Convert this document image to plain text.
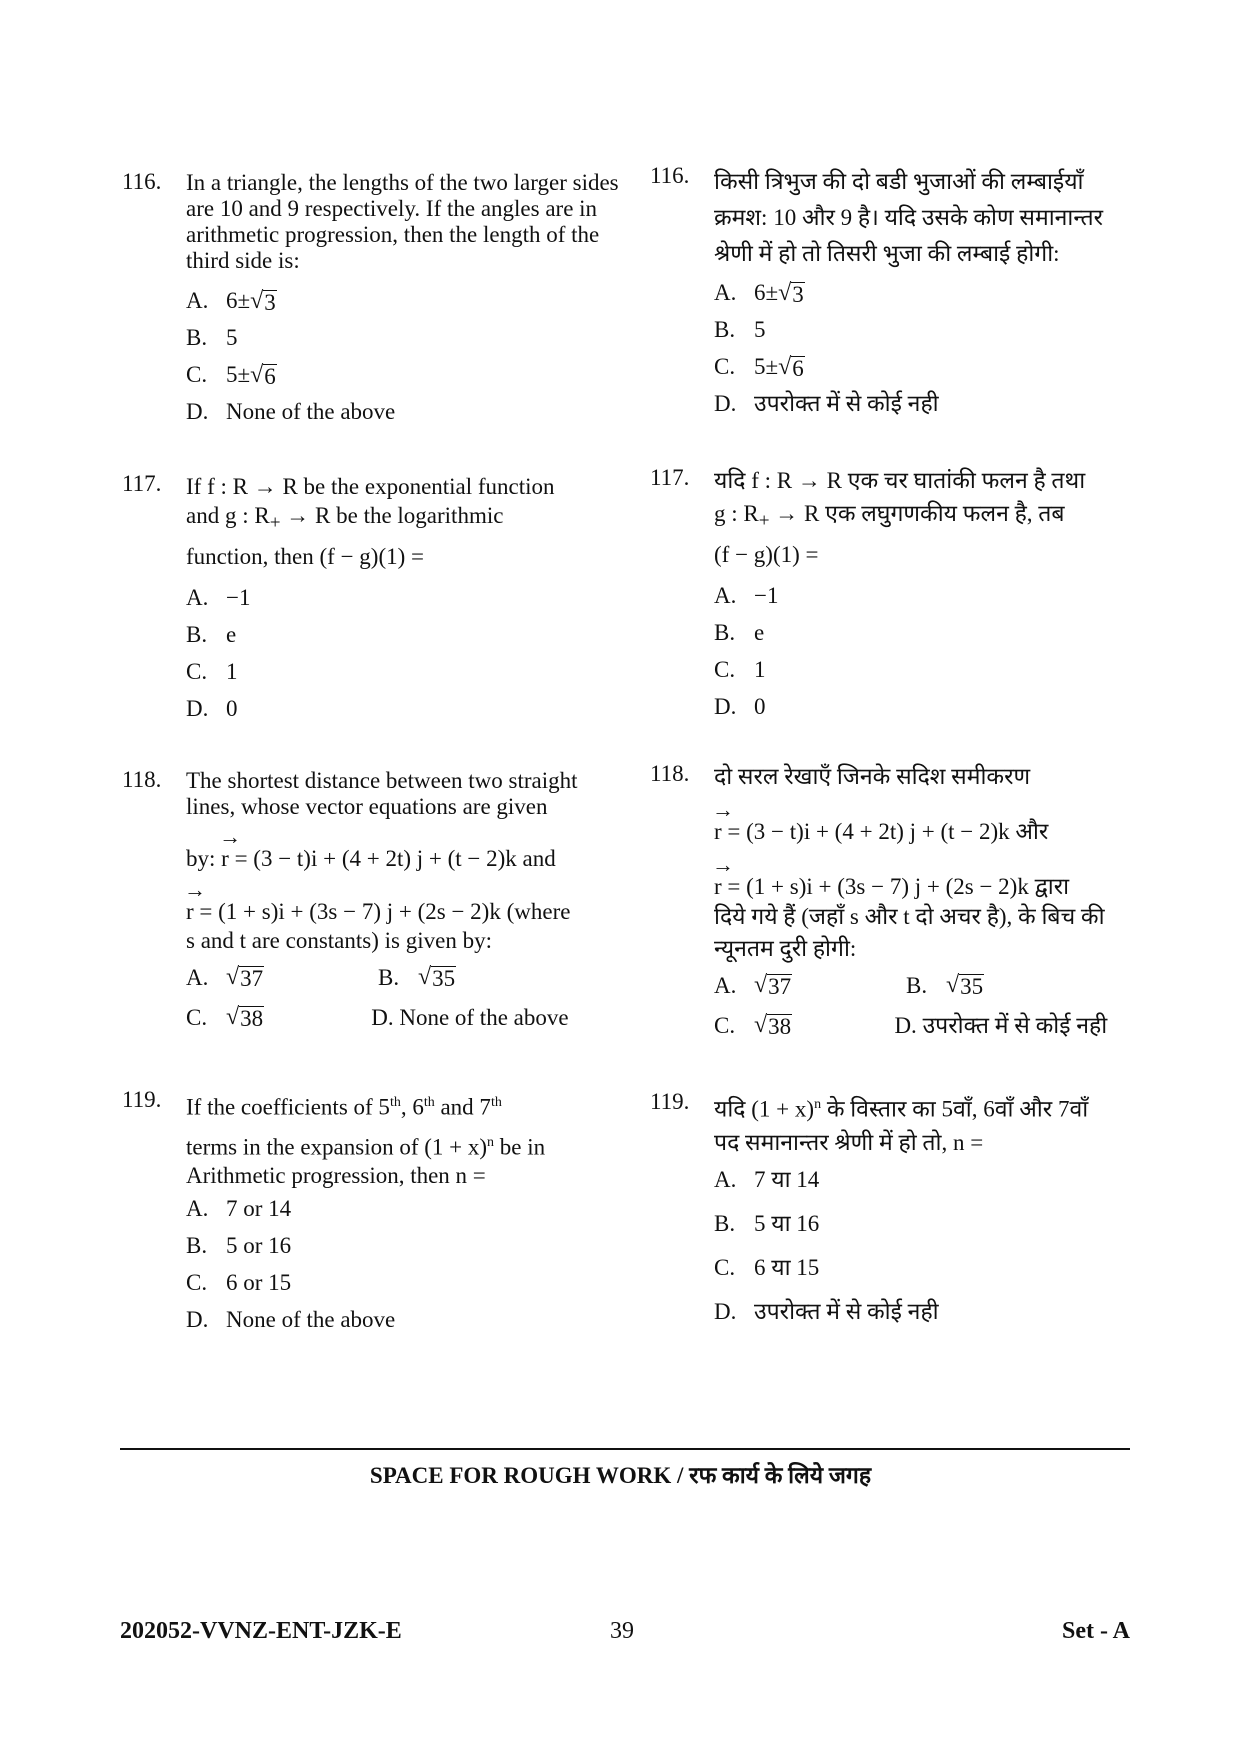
116. In a triangle, the lengths of the two larger sides are 10 and 9 respectively. If the angles are in arithmetic progression, then the length of the third side is:
A. 6± √ 3
B. 5
C. 5± √ 6
D. None of the above
117. If f : R → R be the exponential function
and g : $R_+ \to R$ be the logarithmic
function, then (f − g)(1) =
A. −1
B. e
C. 1
D. 0
118. The shortest distance between two straight lines, whose vector equations are given
by: → r = (3 − t)i + (4 + 2t) j + (t − 2)k and
→ r = (1 + s)i + (3s − 7) j + (2s − 2)k (where
s and t are constants) is given by:
A. √ 37	B. √ 35
C. √ 38	D.
None of the above
119. If the coefficients of 5th, 6th and 7th
terms in the expansion of $(1 + x)^n$ be in
Arithmetic progression, then n =
A. 7 or 14
B. 5 or 16
C. 6 or 15
D. None of the above
116. किसी त्रिभुज की दो बडी भुजाओं की लम्बाईयाँ क्रमश: 10 और 9 है। यदि उसके कोण समानान्तर श्रेणी में हो तो तिसरी भुजा की लम्बाई होगी:
A. 6± √ 3
B. 5
C. 5± √ 6
D. उपरोक्त में से कोई नही
117. यदि f : R → R एक चर घातांकी फलन है तथा
g : $R_+ \to R$ एक लघुगणकीय फलन है, तब
(f − g)(1) =
A. −1
B. e
C. 1
D. 0
118. दो सरल रेखाएँ जिनके सदिश समीकरण
→ r = (3 − t)i + (4 + 2t) j + (t − 2)k और
→ r = (1 + s)i + (3s − 7) j + (2s − 2)k द्वारा
दिये गये हैं (जहाँ s और t दो अचर है), के बिच की न्यूनतम दुरी होगी:
A. √ 37	B. √ 35
C. √ 38	D.
उपरोक्त में से कोई नही
119. यदि $(1 + x)^n$ के विस्तार का 5वाँ, 6वाँ और 7वाँ
पद समानान्तर श्रेणी में हो तो, n =
A. 7 या 14
B. 5 या 16
C. 6 या 15
D. उपरोक्त में से कोई नही
SPACE FOR ROUGH WORK / रफ कार्य के लिये जगह
202052-VVNZ-ENT-JZK-E	39	Set - A
